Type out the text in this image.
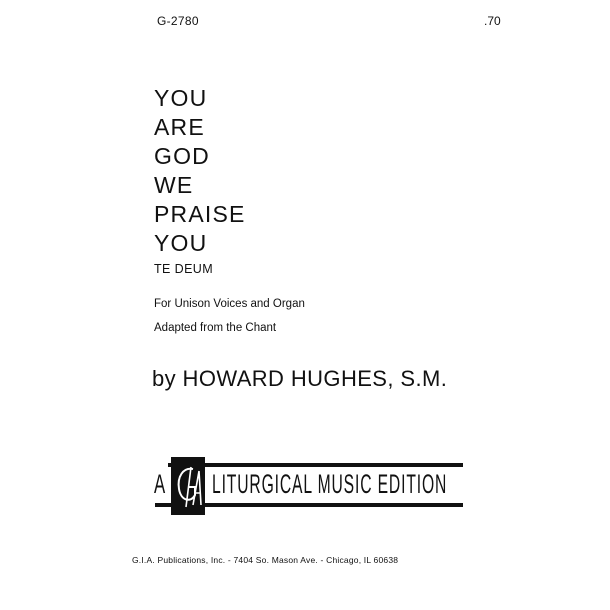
G-2780	.70
YOU
ARE
GOD
WE
PRAISE
YOU
TE DEUM
For Unison Voices and Organ
Adapted from the Chant
by HOWARD HUGHES, S.M.
A LITURGICAL MUSIC EDITION
G.I.A. Publications, Inc. - 7404 So. Mason Ave. - Chicago, IL 60638
